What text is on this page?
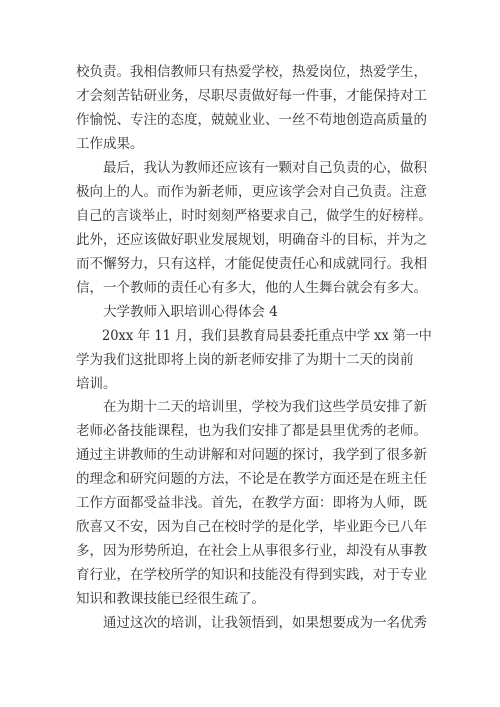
校负责。我相信教师只有热爱学校，热爱岗位，热爱学生，
才会刻苦钻研业务，尽职尽责做好每一件事，才能保持对工
作愉悦、专注的态度，兢兢业业、一丝不苟地创造高质量的
工作成果。
　　最后，我认为教师还应该有一颗对自己负责的心，做积
极向上的人。而作为新老师，更应该学会对自己负责。注意
自己的言谈举止，时时刻刻严格要求自己，做学生的好榜样。
此外，还应该做好职业发展规划，明确奋斗的目标，并为之
而不懈努力，只有这样，才能促使责任心和成就同行。我相
信，一个教师的责任心有多大，他的人生舞台就会有多大。
　　大学教师入职培训心得体会 4
　　20xx 年 11 月，我们县教育局县委托重点中学 xx 第一中
学为我们这批即将上岗的新老师安排了为期十二天的岗前
培训。
　　在为期十二天的培训里，学校为我们这些学员安排了新
老师必备技能课程，也为我们安排了都是县里优秀的老师。
通过主讲教师的生动讲解和对问题的探讨，我学到了很多新
的理念和研究问题的方法，不论是在教学方面还是在班主任
工作方面都受益非浅。首先，在教学方面：即将为人师，既
欣喜又不安，因为自己在校时学的是化学，毕业距今已八年
多，因为形势所迫，在社会上从事很多行业，却没有从事教
育行业，在学校所学的知识和技能没有得到实践，对于专业
知识和教课技能已经很生疏了。
　　通过这次的培训，让我领悟到，如果想要成为一名优秀
